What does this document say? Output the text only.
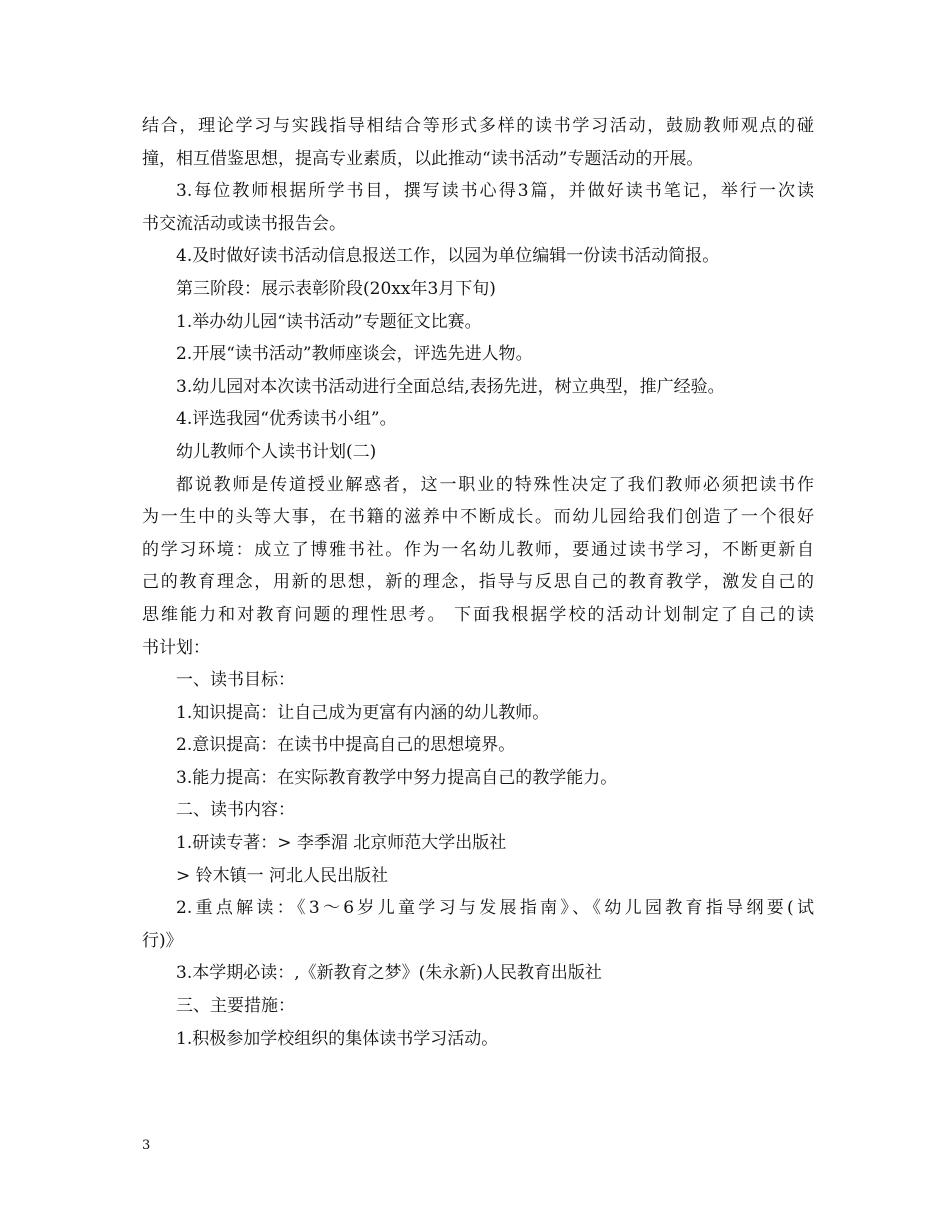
结合，理论学习与实践指导相结合等形式多样的读书学习活动，鼓励教师观点的碰
撞，相互借鉴思想，提高专业素质，以此推动“读书活动”专题活动的开展。
3.每位教师根据所学书目，撰写读书心得3篇，并做好读书笔记，举行一次读
书交流活动或读书报告会。
4.及时做好读书活动信息报送工作，以园为单位编辑一份读书活动简报。
第三阶段：展示表彰阶段(20xx年3月下旬)
1.举办幼儿园“读书活动”专题征文比赛。
2.开展“读书活动”教师座谈会，评选先进人物。
3.幼儿园对本次读书活动进行全面总结,表扬先进，树立典型，推广经验。
4.评选我园“优秀读书小组”。
幼儿教师个人读书计划(二)
都说教师是传道授业解惑者，这一职业的特殊性决定了我们教师必须把读书作
为一生中的头等大事，在书籍的滋养中不断成长。而幼儿园给我们创造了一个很好
的学习环境：成立了博雅书社。作为一名幼儿教师，要通过读书学习，不断更新自
己的教育理念，用新的思想，新的理念，指导与反思自己的教育教学，激发自己的
思维能力和对教育问题的理性思考。 下面我根据学校的活动计划制定了自己的读
书计划：
一、读书目标：
1.知识提高：让自己成为更富有内涵的幼儿教师。
2.意识提高：在读书中提高自己的思想境界。
3.能力提高：在实际教育教学中努力提高自己的教学能力。
二、读书内容：
1.研读专著：> 李季湄 北京师范大学出版社
> 铃木镇一 河北人民出版社
2.重点解读：《3～6岁儿童学习与发展指南》、《幼儿园教育指导纲要(试
行)》
3.本学期必读：,《新教育之梦》(朱永新)人民教育出版社
三、主要措施：
1.积极参加学校组织的集体读书学习活动。
3
